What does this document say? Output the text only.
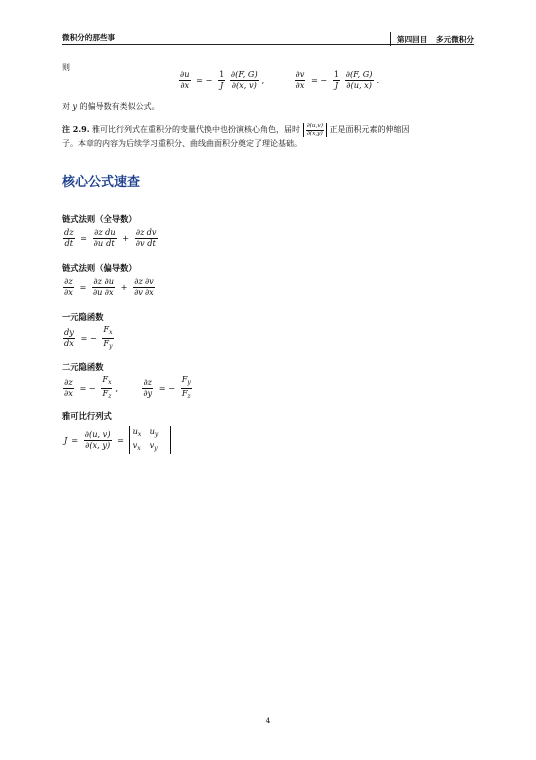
微积分的那些事	第四回目 多元微积分
则
$\frac{\partial u}{\partial x}$ = − $\frac{1}{J}$
$\frac{\partial(F, G)}{\partial(x, v)}$ ,	$\frac{\partial v}{\partial x}$ = − $\frac{1}{J}$
$\frac{\partial(F, G)}{\partial(u, x)}$ .
对 y 的偏导数有类似公式。
注 2.9. 雅可比行列式在重积分的变量代换中也扮演核心角色，届时 $\frac{\partial(u,v)}{\partial(x,y)}$ 正是面积元素的伸缩因
子。本章的内容为后续学习重积分、曲线曲面积分奠定了理论基础。
核心公式速查
链式法则（全导数）
$\frac{dz}{dt} = \frac{\partial z}{\partial u} \frac{du}{dt} + \frac{\partial z}{\partial v} \frac{dv}{dt}$
链式法则（偏导数）
$\frac{\partial z}{\partial x} = \frac{\partial z}{\partial u} \frac{\partial u}{\partial x} + \frac{\partial z}{\partial v} \frac{\partial v}{\partial x}$
一元隐函数
$\frac{dy}{dx}$ = − $\frac{F_x}{F_y}$
二元隐函数
$\frac{\partial z}{\partial x}$ = − $\frac{F_x}{F_z}$ ,	$\frac{\partial z}{\partial y}$ = − $\frac{F_y}{F_z}$
雅可比行列式
$J = \frac{\partial(u, v)}{\partial(x, y)}$ =
ux uy
vx vy
4
